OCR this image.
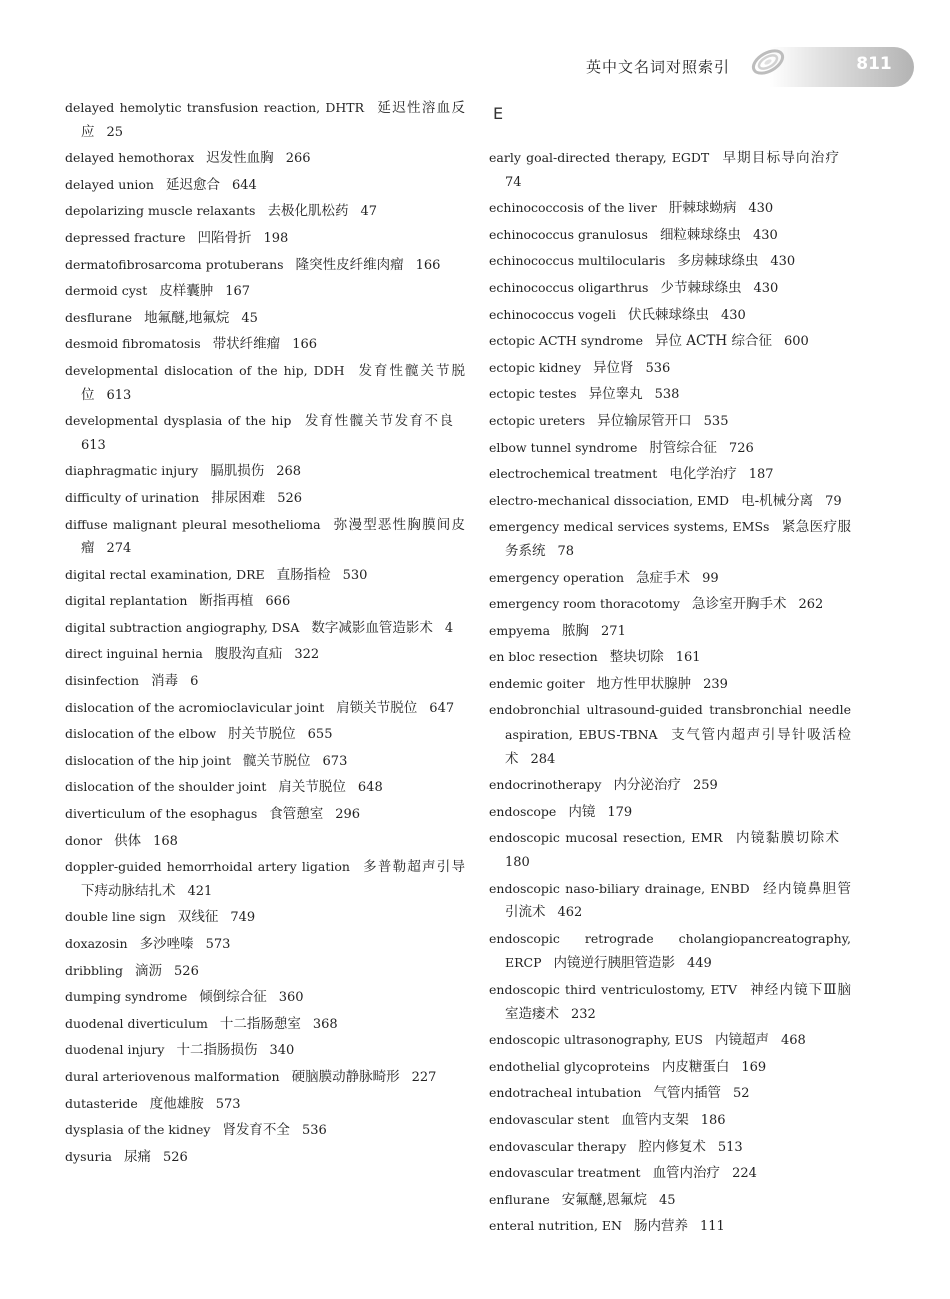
英中文名词对照索引	811
E
delayed hemolytic transfusion reaction, DHTR 延迟性溶血反应 25
delayed hemothorax 迟发性血胸 266
delayed union 延迟愈合 644
depolarizing muscle relaxants 去极化肌松药 47
depressed fracture 凹陷骨折 198
dermatofibrosarcoma protuberans 隆突性皮纤维肉瘤 166
dermoid cyst 皮样囊肿 167
desflurane 地氟醚,地氟烷 45
desmoid fibromatosis 带状纤维瘤 166
developmental dislocation of the hip, DDH 发育性髋关节脱位 613
developmental dysplasia of the hip 发育性髋关节发育不良613
diaphragmatic injury 膈肌损伤 268
difficulty of urination 排尿困难 526
diffuse malignant pleural mesothelioma 弥漫型恶性胸膜间皮瘤 274
digital rectal examination, DRE 直肠指检 530
digital replantation 断指再植 666
digital subtraction angiography, DSA 数字减影血管造影术 4
direct inguinal hernia 腹股沟直疝 322
disinfection 消毒 6
dislocation of the acromioclavicular joint 肩锁关节脱位 647
dislocation of the elbow 肘关节脱位 655
dislocation of the hip joint 髋关节脱位 673
dislocation of the shoulder joint 肩关节脱位 648
diverticulum of the esophagus 食管憩室 296
donor 供体 168
doppler-guided hemorrhoidal artery ligation 多普勒超声引导下痔动脉结扎术 421
double line sign 双线征 749
doxazosin 多沙唑嗪 573
dribbling 滴沥 526
dumping syndrome 倾倒综合征 360
duodenal diverticulum 十二指肠憩室 368
duodenal injury 十二指肠损伤 340
dural arteriovenous malformation 硬脑膜动静脉畸形 227
dutasteride 度他雄胺 573
dysplasia of the kidney 肾发育不全 536
dysuria 尿痛 526
early goal-directed therapy, EGDT 早期目标导向治疗74
echinococcosis of the liver 肝棘球蚴病 430
echinococcus granulosus 细粒棘球绦虫 430
echinococcus multilocularis 多房棘球绦虫 430
echinococcus oligarthrus 少节棘球绦虫 430
echinococcus vogeli 伏氏棘球绦虫 430
ectopic ACTH syndrome 异位 ACTH 综合征 600
ectopic kidney 异位肾 536
ectopic testes 异位睾丸 538
ectopic ureters 异位输尿管开口 535
elbow tunnel syndrome 肘管综合征 726
electrochemical treatment 电化学治疗 187
electro-mechanical dissociation, EMD 电-机械分离 79
emergency medical services systems, EMSs 紧急医疗服务系统 78
emergency operation 急症手术 99
emergency room thoracotomy 急诊室开胸手术 262
empyema 脓胸 271
en bloc resection 整块切除 161
endemic goiter 地方性甲状腺肿 239
endobronchial ultrasound-guided transbronchial needle aspiration, EBUS-TBNA 支气管内超声引导针吸活检术 284
endocrinotherapy 内分泌治疗 259
endoscope 内镜 179
endoscopic mucosal resection, EMR 内镜黏膜切除术180
endoscopic naso-biliary drainage, ENBD 经内镜鼻胆管引流术 462
endoscopic retrograde cholangiopancreatography, ERCP 内镜逆行胰胆管造影 449
endoscopic third ventriculostomy, ETV 神经内镜下Ⅲ脑室造瘘术 232
endoscopic ultrasonography, EUS 内镜超声 468
endothelial glycoproteins 内皮糖蛋白 169
endotracheal intubation 气管内插管 52
endovascular stent 血管内支架 186
endovascular therapy 腔内修复术 513
endovascular treatment 血管内治疗 224
enflurane 安氟醚,恩氟烷 45
enteral nutrition, EN 肠内营养 111
